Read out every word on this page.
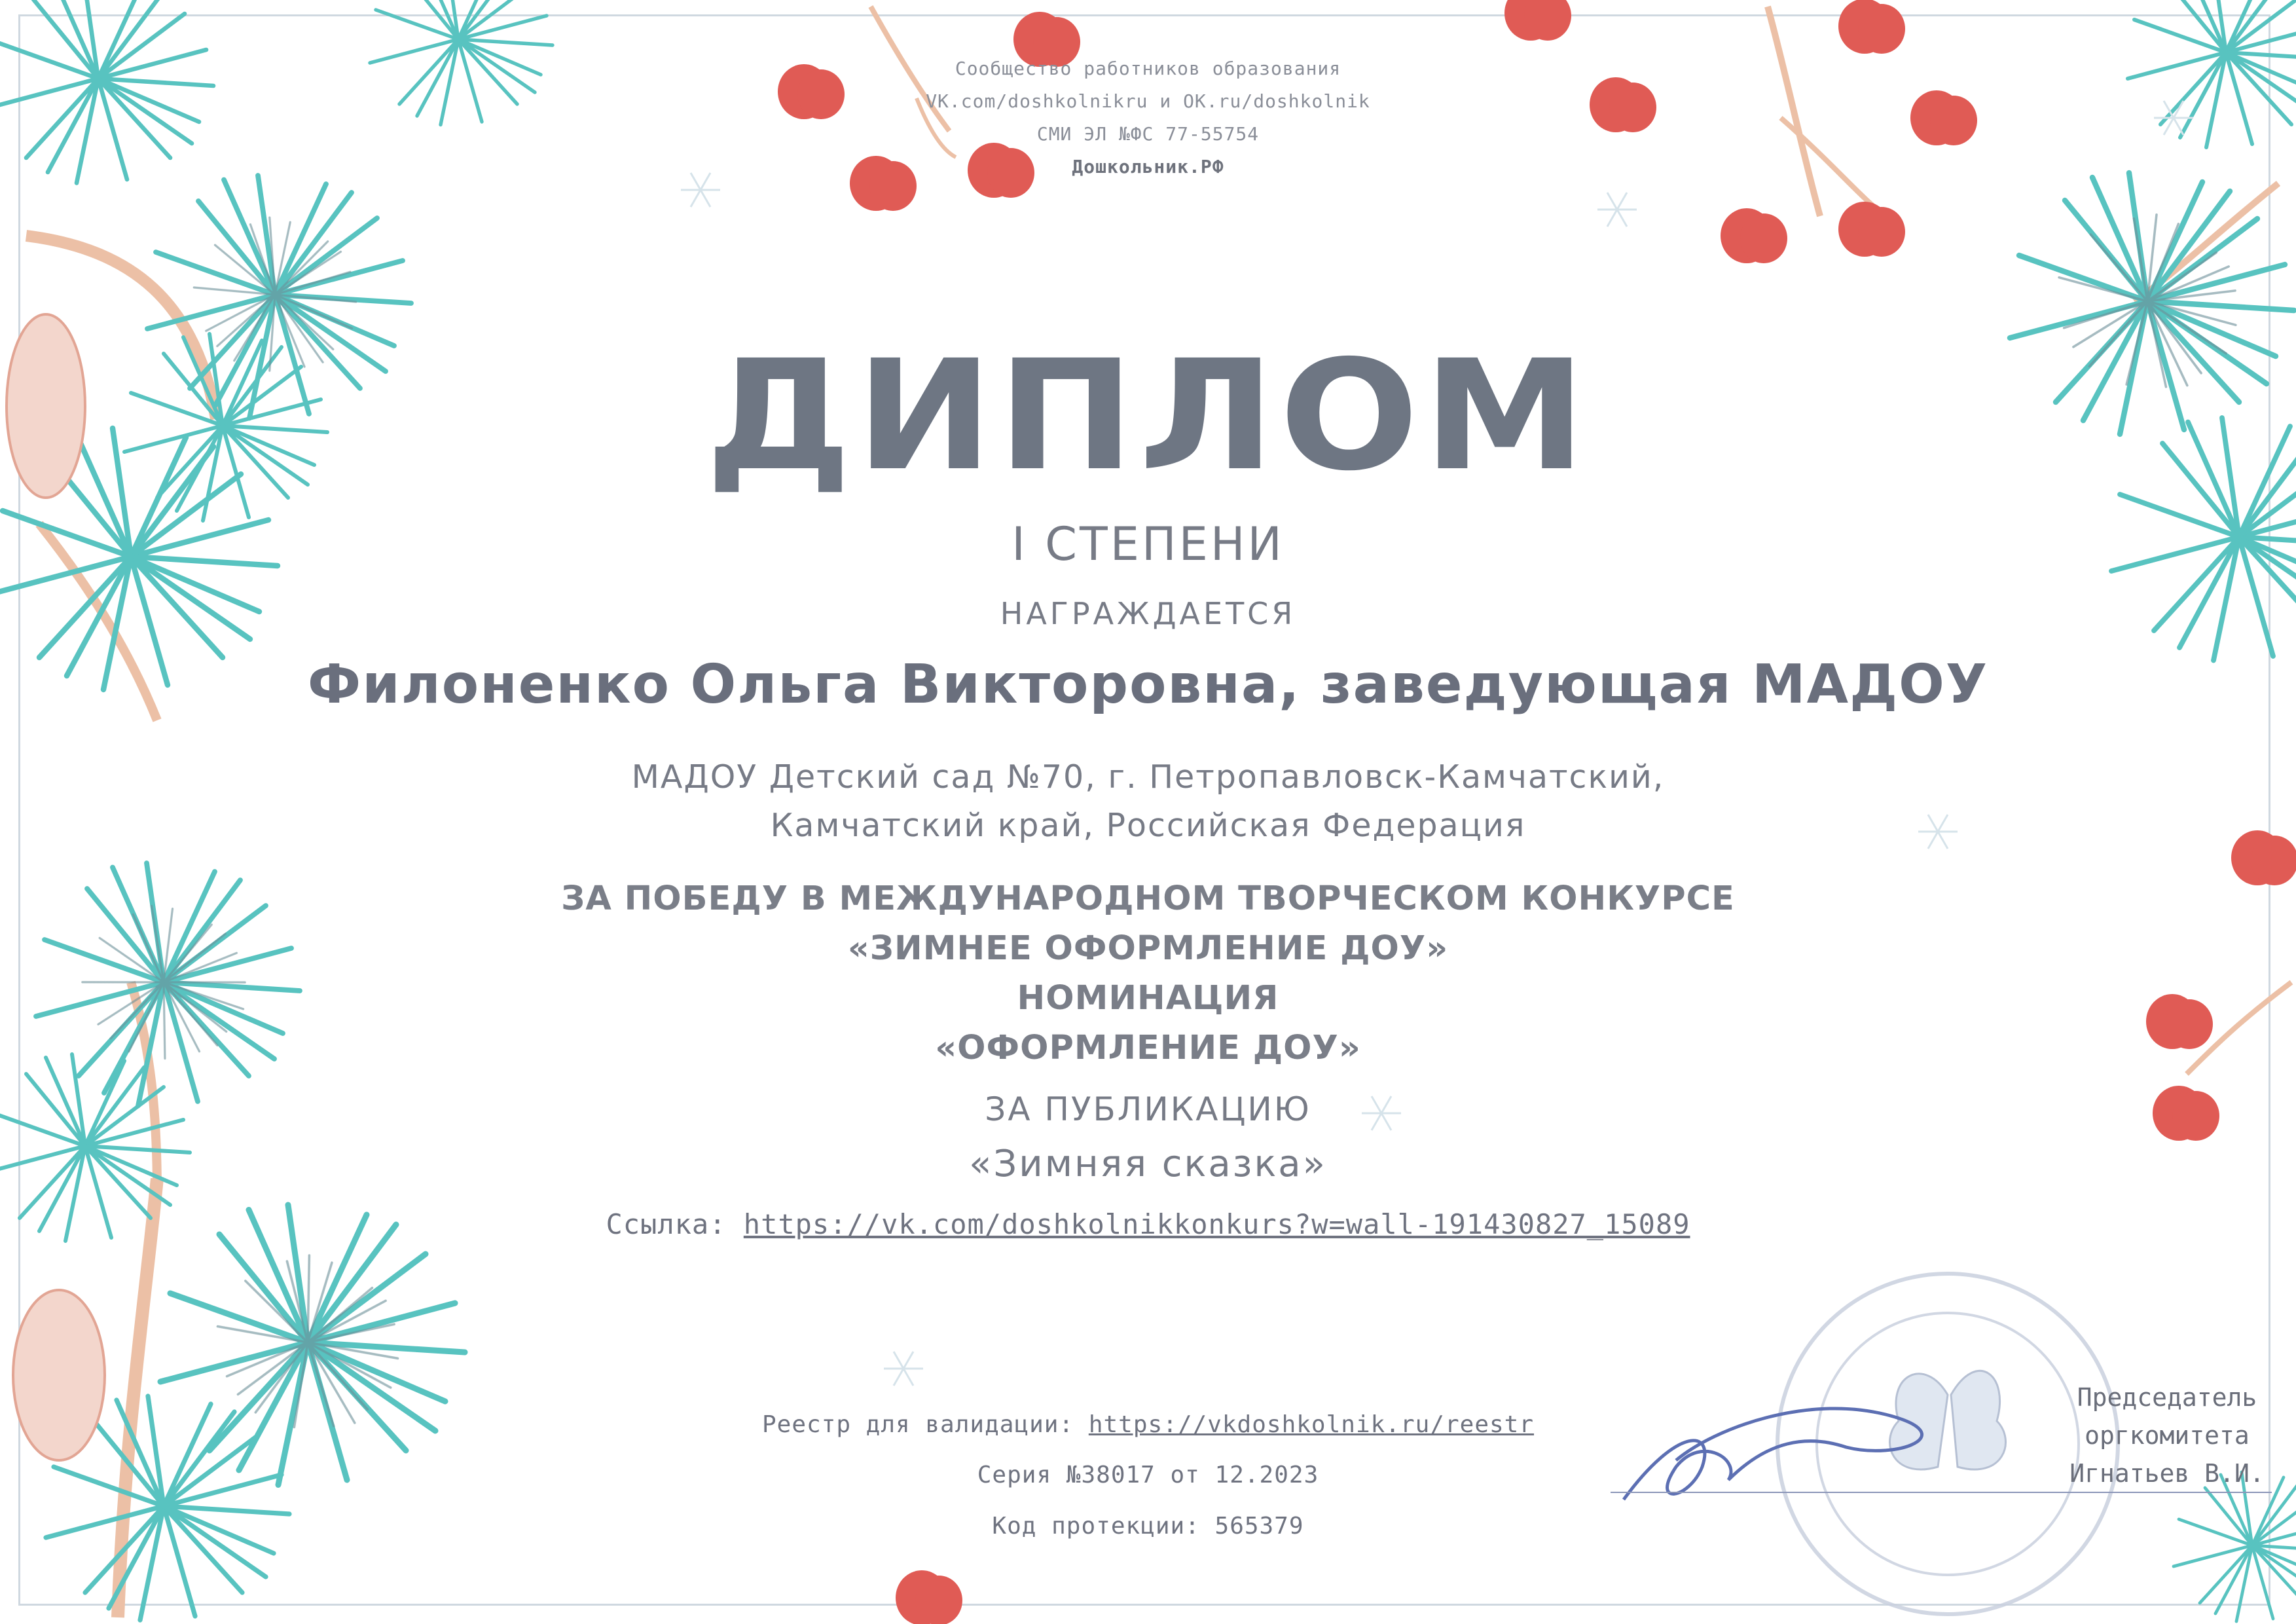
Сообщество работников образования
VK.com/doshkolnikru и OK.ru/doshkolnik
СМИ ЭЛ №ФС 77-55754
Дошкольник.РФ
ДИПЛОМ
I СТЕПЕНИ
НАГРАЖДАЕТСЯ
Филоненко Ольга Викторовна, заведующая МАДОУ
МАДОУ Детский сад №70, г. Петропавловск-Камчатский,
Камчатский край, Российская Федерация
ЗА ПОБЕДУ В МЕЖДУНАРОДНОМ ТВОРЧЕСКОМ КОНКУРСЕ
«ЗИМНЕЕ ОФОРМЛЕНИЕ ДОУ»
НОМИНАЦИЯ
«ОФОРМЛЕНИЕ ДОУ»
ЗА ПУБЛИКАЦИЮ
«Зимняя сказка»
Ссылка: https://vk.com/doshkolnikkonkurs?w=wall-191430827_15089
Реестр для валидации: https://vkdoshkolnik.ru/reestr
Серия №38017 от 12.2023
Код протекции: 565379
Председатель
оргкомитета
Игнатьев В.И.
